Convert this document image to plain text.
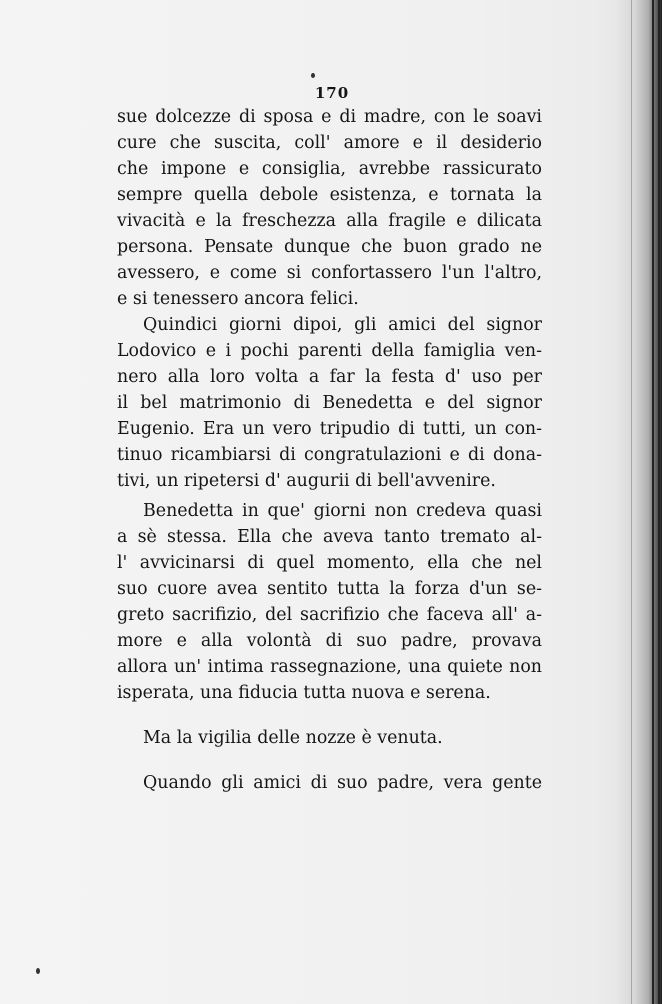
170
sue dolcezze di sposa e di madre, con le soavi
cure che suscita, coll' amore e il desiderio
che impone e consiglia, avrebbe rassicurato
sempre quella debole esistenza, e tornata la
vivacità e la freschezza alla fragile e dilicata
persona. Pensate dunque che buon grado ne
avessero, e come si confortassero l'un l'altro,
e si tenessero ancora felici.
Quindici giorni dipoi, gli amici del signor
Lodovico e i pochi parenti della famiglia ven-
nero alla loro volta a far la festa d' uso per
il bel matrimonio di Benedetta e del signor
Eugenio. Era un vero tripudio di tutti, un con-
tinuo ricambiarsi di congratulazioni e di dona-
tivi, un ripetersi d' augurii di bell'avvenire.
Benedetta in que' giorni non credeva quasi
a sè stessa. Ella che aveva tanto tremato al-
l' avvicinarsi di quel momento, ella che nel
suo cuore avea sentito tutta la forza d'un se-
greto sacrifizio, del sacrifizio che faceva all' a-
more e alla volontà di suo padre, provava
allora un' intima rassegnazione, una quiete non
isperata, una fiducia tutta nuova e serena.
Ma la vigilia delle nozze è venuta.
Quando gli amici di suo padre, vera gente
